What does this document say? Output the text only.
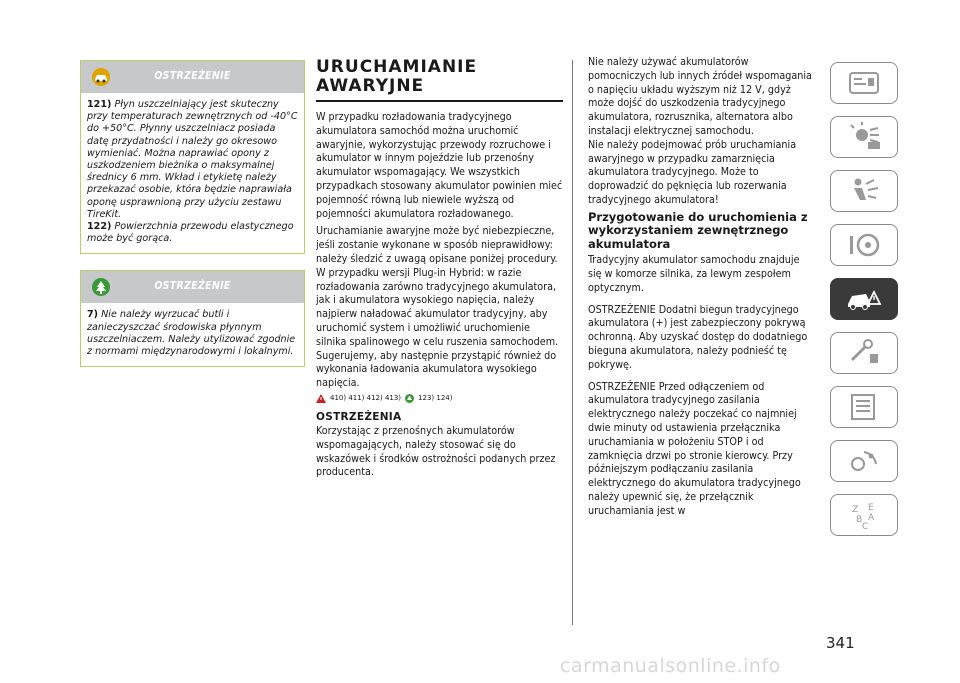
OSTRZEŻENIE
121) Płyn uszczelniający jest skuteczny przy temperaturach zewnętrznych od -40°C do +50°C. Płynny uszczelniacz posiada datę przydatności i należy go okresowo wymieniać. Można naprawiać opony z uszkodzeniem bieżnika o maksymalnej średnicy 6 mm. Wkład i etykietę należy przekazać osobie, która będzie naprawiała oponę usprawnioną przy użyciu zestawu TireKit.
122) Powierzchnia przewodu elastycznego może być gorąca.
OSTRZEŻENIE
7) Nie należy wyrzucać butli i zanieczyszczać środowiska płynnym uszczelniaczem. Należy utylizować zgodnie z normami międzynarodowymi i lokalnymi.
URUCHAMIANIE AWARYJNE

W przypadku rozładowania tradycyjnego akumulatora samochód można uruchomić awaryjnie, wykorzystując przewody rozruchowe i akumulator w innym pojeździe lub przenośny akumulator wspomagający. We wszystkich przypadkach stosowany akumulator powinien mieć pojemność równą lub niewiele wyższą od pojemności akumulatora rozładowanego.

Uruchamianie awaryjne może być niebezpieczne, jeśli zostanie wykonane w sposób nieprawidłowy: należy śledzić z uwagą opisane poniżej procedury.

W przypadku wersji Plug-in Hybrid: w razie rozładowania zarówno tradycyjnego akumulatora, jak i akumulatora wysokiego napięcia, należy najpierw naładować akumulator tradycyjny, aby uruchomić system i umożliwić uruchomienie silnika spalinowego w celu ruszenia samochodem. Sugerujemy, aby następnie przystąpić również do wykonania ładowania akumulatora wysokiego napięcia.

410) 411) 412) 413) 123) 124)
OSTRZEŻENIA

Korzystając z przenośnych akumulatorów wspomagających, należy stosować się do wskazówek i środków ostrożności podanych przez producenta.

Nie należy używać akumulatorów pomocniczych lub innych źródeł wspomagania o napięciu układu wyższym niż 12 V, gdyż może dojść do uszkodzenia tradycyjnego akumulatora, rozrusznika, alternatora albo instalacji elektrycznej samochodu.

Nie należy podejmować prób uruchamiania awaryjnego w przypadku zamarznięcia akumulatora tradycyjnego. Może to doprowadzić do pęknięcia lub rozerwania tradycyjnego akumulatora!

Przygotowanie do uruchomienia z wykorzystaniem zewnętrznego akumulatora

Tradycyjny akumulator samochodu znajduje się w komorze silnika, za lewym zespołem optycznym.

OSTRZEŻENIE Dodatni biegun tradycyjnego akumulatora (+) jest zabezpieczony pokrywą ochronną. Aby uzyskać dostęp do dodatniego bieguna akumulatora, należy podnieść tę pokrywę.

OSTRZEŻENIE Przed odłączeniem od akumulatora tradycyjnego zasilania elektrycznego należy poczekać co najmniej dwie minuty od ustawienia przełącznika uruchamiania w położeniu STOP i od zamknięcia drzwi po stronie kierowcy. Przy późniejszym podłączaniu zasilania elektrycznego do akumulatora tradycyjnego należy upewnić się, że przełącznik uruchamiania jest w	Z E
B A
C
341
carmanualsonline.info
